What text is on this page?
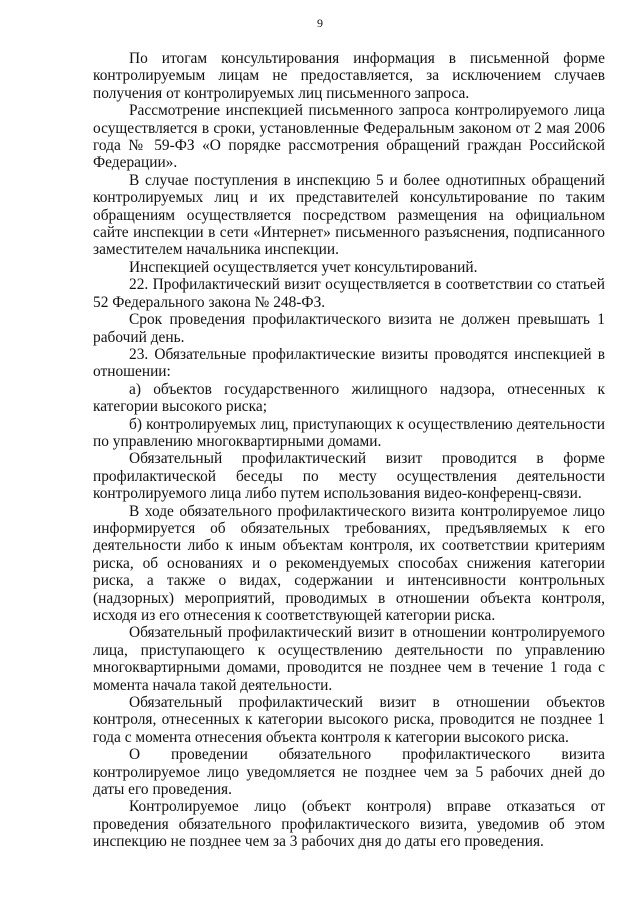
9

По итогам консультирования информация в письменной форме контролируемым лицам не предоставляется, за исключением случаев получения от контролируемых лиц письменного запроса.

Рассмотрение инспекцией письменного запроса контролируемого лица осуществляется в сроки, установленные Федеральным законом от 2 мая 2006 года № 59-ФЗ «О порядке рассмотрения обращений граждан Российской Федерации».

В случае поступления в инспекцию 5 и более однотипных обращений контролируемых лиц и их представителей консультирование по таким обращениям осуществляется посредством размещения на официальном сайте инспекции в сети «Интернет» письменного разъяснения, подписанного заместителем начальника инспекции.

Инспекцией осуществляется учет консультирований.

22. Профилактический визит осуществляется в соответствии со статьей 52 Федерального закона № 248-ФЗ.

Срок проведения профилактического визита не должен превышать 1 рабочий день.

23. Обязательные профилактические визиты проводятся инспекцией в отношении:

а) объектов государственного жилищного надзора, отнесенных к категории высокого риска;

б) контролируемых лиц, приступающих к осуществлению деятельности по управлению многоквартирными домами.

Обязательный профилактический визит проводится в форме профилактической беседы по месту осуществления деятельности контролируемого лица либо путем использования видео-конференц-связи.

В ходе обязательного профилактического визита контролируемое лицо информируется об обязательных требованиях, предъявляемых к его деятельности либо к иным объектам контроля, их соответствии критериям риска, об основаниях и о рекомендуемых способах снижения категории риска, а также о видах, содержании и интенсивности контрольных (надзорных) мероприятий, проводимых в отношении объекта контроля, исходя из его отнесения к соответствующей категории риска.

Обязательный профилактический визит в отношении контролируемого лица, приступающего к осуществлению деятельности по управлению многоквартирными домами, проводится не позднее чем в течение 1 года с момента начала такой деятельности.

Обязательный профилактический визит в отношении объектов контроля, отнесенных к категории высокого риска, проводится не позднее 1 года с момента отнесения объекта контроля к категории высокого риска.

О проведении обязательного профилактического визита контролируемое лицо уведомляется не позднее чем за 5 рабочих дней до даты его проведения.

Контролируемое лицо (объект контроля) вправе отказаться от проведения обязательного профилактического визита, уведомив об этом инспекцию не позднее чем за 3 рабочих дня до даты его проведения.
